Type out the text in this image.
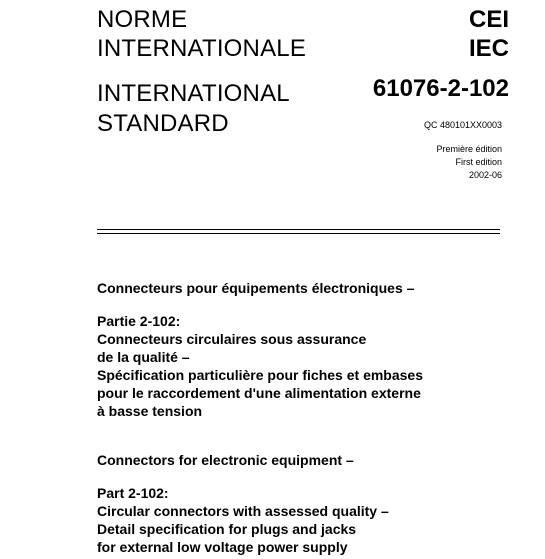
NORME
INTERNATIONALE
INTERNATIONAL
STANDARD
CEI
IEC
61076-2-102
QC 480101XX0003
Première édition
First edition
2002-06
Connecteurs pour équipements électroniques –
Partie 2-102:
Connecteurs circulaires sous assurance
de la qualité –
Spécification particulière pour fiches et embases
pour le raccordement d'une alimentation externe
à basse tension
Connectors for electronic equipment –
Part 2-102:
Circular connectors with assessed quality –
Detail specification for plugs and jacks
for external low voltage power supply
